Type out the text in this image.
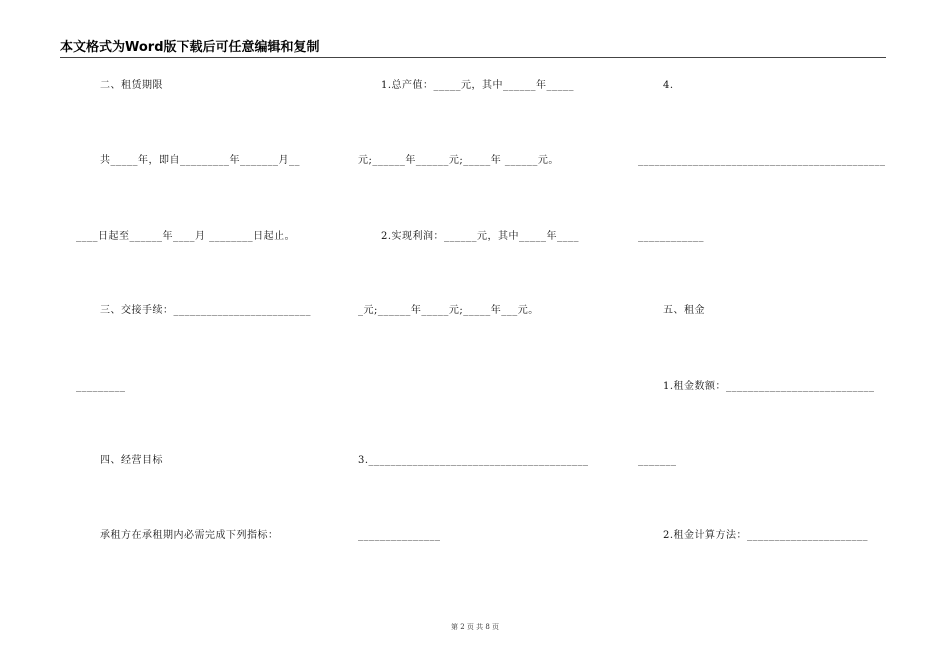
本文格式为Word版下载后可任意编辑和复制
二、租赁期限
共_____年，即自_________年_______月__
____日起至______年____月 ________日起止。
三、交接手续：_________________________
_________
四、经营目标
承租方在承租期内必需完成下列指标：
1.总产值：_____元，其中______年_____
元;______年______元;_____年 ______元。
2.实现利润：______元，其中_____年____
_元;______年_____元;_____年___元。
3.________________________________________
_______________
4.
_____________________________________________
____________
五、租金
1.租金数额：___________________________
_______
2.租金计算方法：______________________
第 2 页 共 8 页
